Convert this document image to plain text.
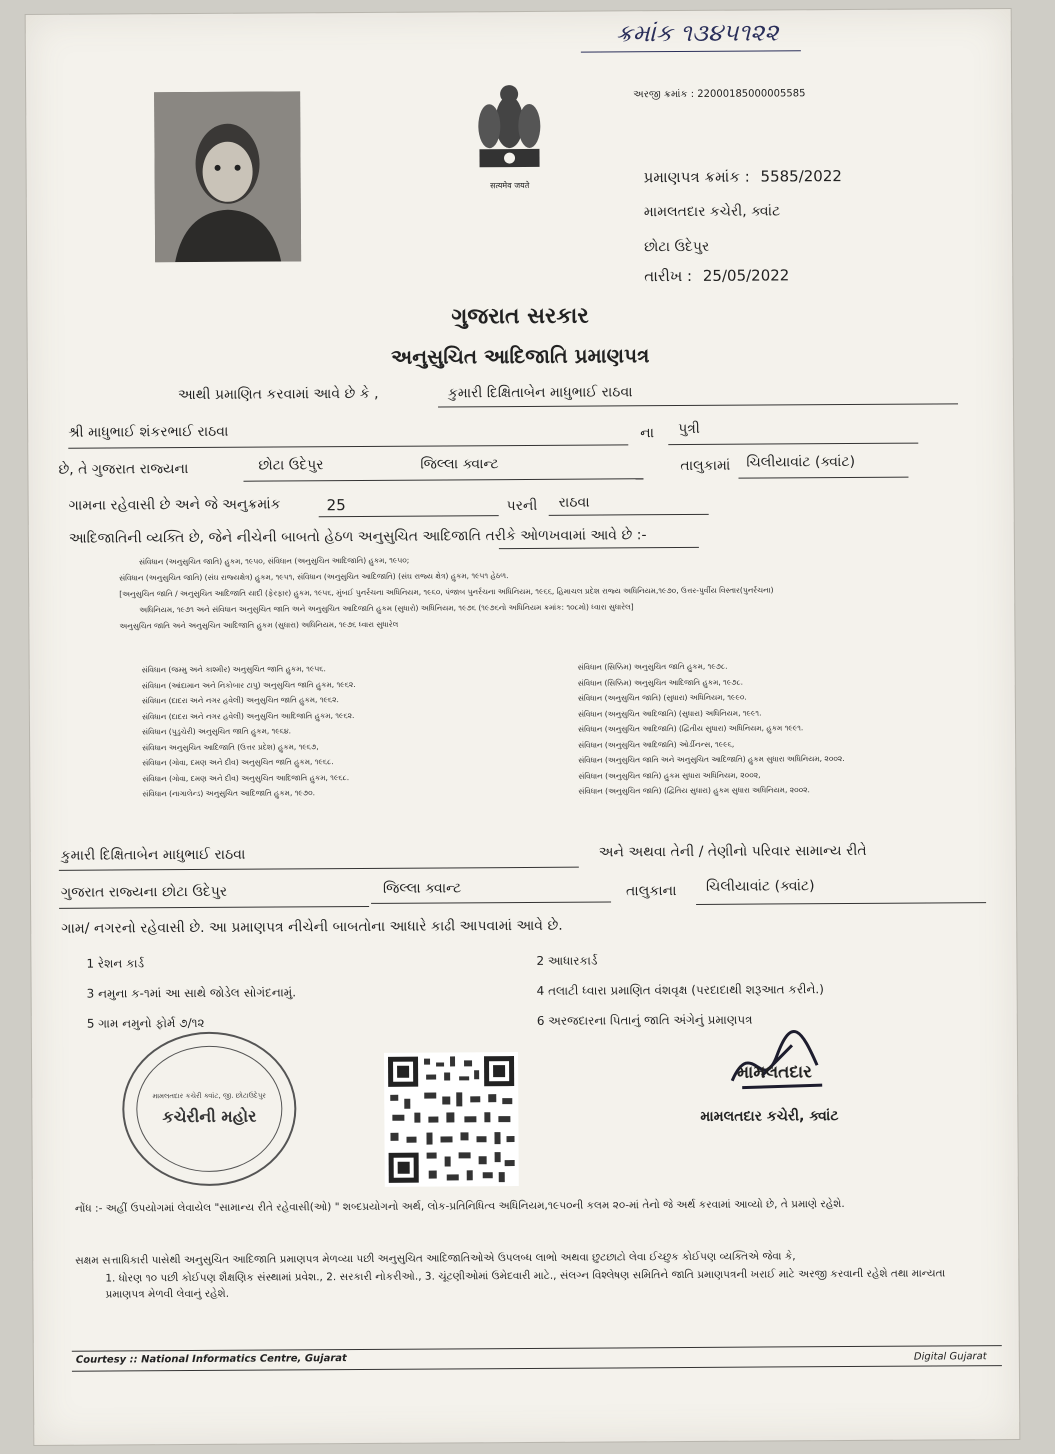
ક્રમાંક ૧૩૪૫૧૨૨
सत्यमेव जयते
અરજી ક્રમાંક : 22000185000005585
પ્રમાણપત્ર ક્રમાંક : 5585/2022
મામલતદાર કચેરી, ક્વાંટ
છોટા ઉદેપુર
તારીખ : 25/05/2022
ગુજરાત સરકાર
અનુસુચિત આદિજાતિ પ્રમાણપત્ર
આથી પ્રમાણિત કરવામાં આવે છે કે ,	કુમારી દિક્ષિતાબેન માધુભાઈ રાઠવા
શ્રી માધુભાઈ શંકરભાઈ રાઠવા	ના પુત્રી
છે, તે ગુજરાત રાજ્યના	છોટા ઉદેપુર	જિલ્લા ક્વાન્ટ	તાલુકામાં ચિલીયાવાંટ (ક્વાંટ)
ગામના રહેવાસી છે અને જે અનુક્રમાંક	25	પરની રાઠવા
આદિજાતિની વ્યક્તિ છે, જેને નીચેની બાબતો હેઠળ અનુસુચિત આદિજાતિ તરીકે ઓળખવામાં આવે છે :-
સંવિધાન (અનુસુચિત જાતિ) હુકમ, ૧૯૫૦, સંવિધાન (અનુસુચિત આદિજાતિ) હુકમ, ૧૯૫૦;
સંવિધાન (અનુસુચિત જાતિ) (સંઘ રાજ્યક્ષેત્ર) હુકમ, ૧૯૫૧, સંવિધાન (અનુસુચિત આદિજાતિ) (સંઘ રાજ્ય ક્ષેત્ર) હુકમ, ૧૯૫૧ હેઠળ.
[અનુસુચિત જાતિ / અનુસુચિત આદિજાતિ યાદી (ફેરફાર) હુકમ, ૧૯૫૬, મુંબઈ પુનર્રચના અધિનિયમ, ૧૯૬૦, પંજાબ પુનર્રચના અધિનિયમ, ૧૯૬૬, હિમાચલ પ્રદેશ રાજ્ય અધિનિયમ,૧૯૭૦, ઉત્તર-પુર્વીય વિસ્તાર(પુનર્રચના)
અધિનિયમ, ૧૯૭૧ અને સંવિધાન અનુસુચિત જાતિ અને અનુસુચિત આદિજાતિ હુકમ (સુધારો) અધિનિયમ, ૧૯૭૬ (૧૯૭૬નો અધિનિયમ ક્રમાંક: ૧૦૮મો) ધ્વારા સુધારેલ]
અનુસુચિત જાતિ અને અનુસુચિત આદિજાતિ હુકમ (સુધારા) અધિનિયમ, ૧૯૭૬ ધ્વારા સુધારેલ
સંવિધાન (જમ્મુ અને કાશ્મીર) અનુસુચિત જાતિ હુકમ, ૧૯૫૬.
સંવિધાન (આંદામાન અને નિકોબાર ટાપુ) અનુસુચિત જાતિ હુકમ, ૧૯૬૨.
સંવિધાન (દાદરા અને નગર હવેલી) અનુસુચિત જાતિ હુકમ, ૧૯૬૨.
સંવિધાન (દાદરા અને નગર હવેલી) અનુસુચિત આદિજાતિ હુકમ, ૧૯૬૨.
સંવિધાન (પુડુચેરી) અનુસુચિત જાતિ હુકમ, ૧૯૬૪.
સંવિધાન અનુસુચિત આદિજાતિ (ઉત્તર પ્રદેશ) હુકમ, ૧૯૬૭,
સંવિધાન (ગોવા, દમણ અને દીવ) અનુસુચિત જાતિ હુકમ, ૧૯૬૮.
સંવિધાન (ગોવા, દમણ અને દીવ) અનુસુચિત આદિજાતિ હુકમ, ૧૯૬૮.
સંવિધાન (નાગાલેન્ડ) અનુસુચિત આદિજાતિ હુકમ, ૧૯૭૦.
સંવિધાન (સિક્કિમ) અનુસુચિત જાતિ હુકમ, ૧૯૭૮.
સંવિધાન (સિક્કિમ) અનુસુચિત આદિજાતિ હુકમ, ૧૯૭૮.
સંવિધાન (અનુસુચિત જાતિ) (સુધારા) અધિનિયમ, ૧૯૯૦.
સંવિધાન (અનુસુચિત આદિજાતિ) (સુધારા) અધિનિયમ, ૧૯૯૧.
સંવિધાન (અનુસુચિત આદિજાતિ) (દ્વિતીય સુધારા) અધિનિયમ, હુકમ ૧૯૯૧.
સંવિધાન (અનુસુચિત આદિજાતિ) ઓર્ડીનન્સ, ૧૯૯૬,
સંવિધાન (અનુસુચિત જાતિ અને અનુસુચિત આદિજાતિ) હુકમ સુધારા અધિનિયમ, ૨૦૦૨.
સંવિધાન (અનુસુચિત જાતિ) હુકમ સુધારા અધિનિયમ, ૨૦૦૨,
સંવિધાન (અનુસુચિત જાતિ) (દ્વિતિય સુધારા) હુકમ સુધારા અધિનિયમ, ૨૦૦૨.
કુમારી દિક્ષિતાબેન માધુભાઈ રાઠવા	અને અથવા તેની / તેણીનો પરિવાર સામાન્ય રીતે
ગુજરાત રાજ્યના છોટા ઉદેપુર	જિલ્લા ક્વાન્ટ	તાલુકાના ચિલીયાવાંટ (ક્વાંટ)
ગામ/ નગરનો રહેવાસી છે. આ પ્રમાણપત્ર નીચેની બાબતોના આધારે કાઢી આપવામાં આવે છે.
1 રેશન કાર્ડ	2 આધારકાર્ડ
3 નમુના ક-૧માં આ સાથે જોડેલ સોગંદનામું.	4 તલાટી ધ્વારા પ્રમાણિત વંશવૃક્ષ (પરદાદાથી શરૂઆત કરીને.)
5 ગામ નમુનો ફોર્મ ૭/૧૨	6 અરજદારના પિતાનું જાતિ અંગેનું પ્રમાણપત્ર
મામલતદાર કચેરી ક્વાંટ, જી. છોટાઉદેપુર
કચેરીની મહોર
મામલતદાર
મામલતદાર કચેરી, ક્વાંટ
નોંધ :- અહીં ઉપયોગમાં લેવાયેલ "સામાન્ય રીતે રહેવાસી(ઓ) " શબ્દપ્રયોગનો અર્થ, લોક-પ્રતિનિધિત્વ અધિનિયમ,૧૯૫૦ની કલમ ૨૦-માં તેનો જે અર્થ કરવામાં આવ્યો છે, તે પ્રમાણે રહેશે.
સક્ષમ સત્તાધિકારી પાસેથી અનુસુચિત આદિજાતિ પ્રમાણપત્ર મેળવ્યા પછી અનુસુચિત આદિજાતિઓએ ઉપલબ્ધ લાભો અથવા છુટછાટો લેવા ઈચ્છુક કોઈપણ વ્યક્તિએ જેવા કે,
1. ધોરણ ૧૦ પછી કોઈપણ શૈક્ષણિક સંસ્થામાં પ્રવેશ., 2. સરકારી નોકરીઓ., 3. ચૂંટણીઓમાં ઉમેદવારી માટે., સંલગ્ન વિશ્લેષણ સમિતિને જાતિ પ્રમાણપત્રની ખરાઈ માટે અરજી કરવાની રહેશે તથા માન્યતા પ્રમાણપત્ર મેળવી લેવાનું રહેશે.
Courtesy :: National Informatics Centre, Gujarat	Digital Gujarat
